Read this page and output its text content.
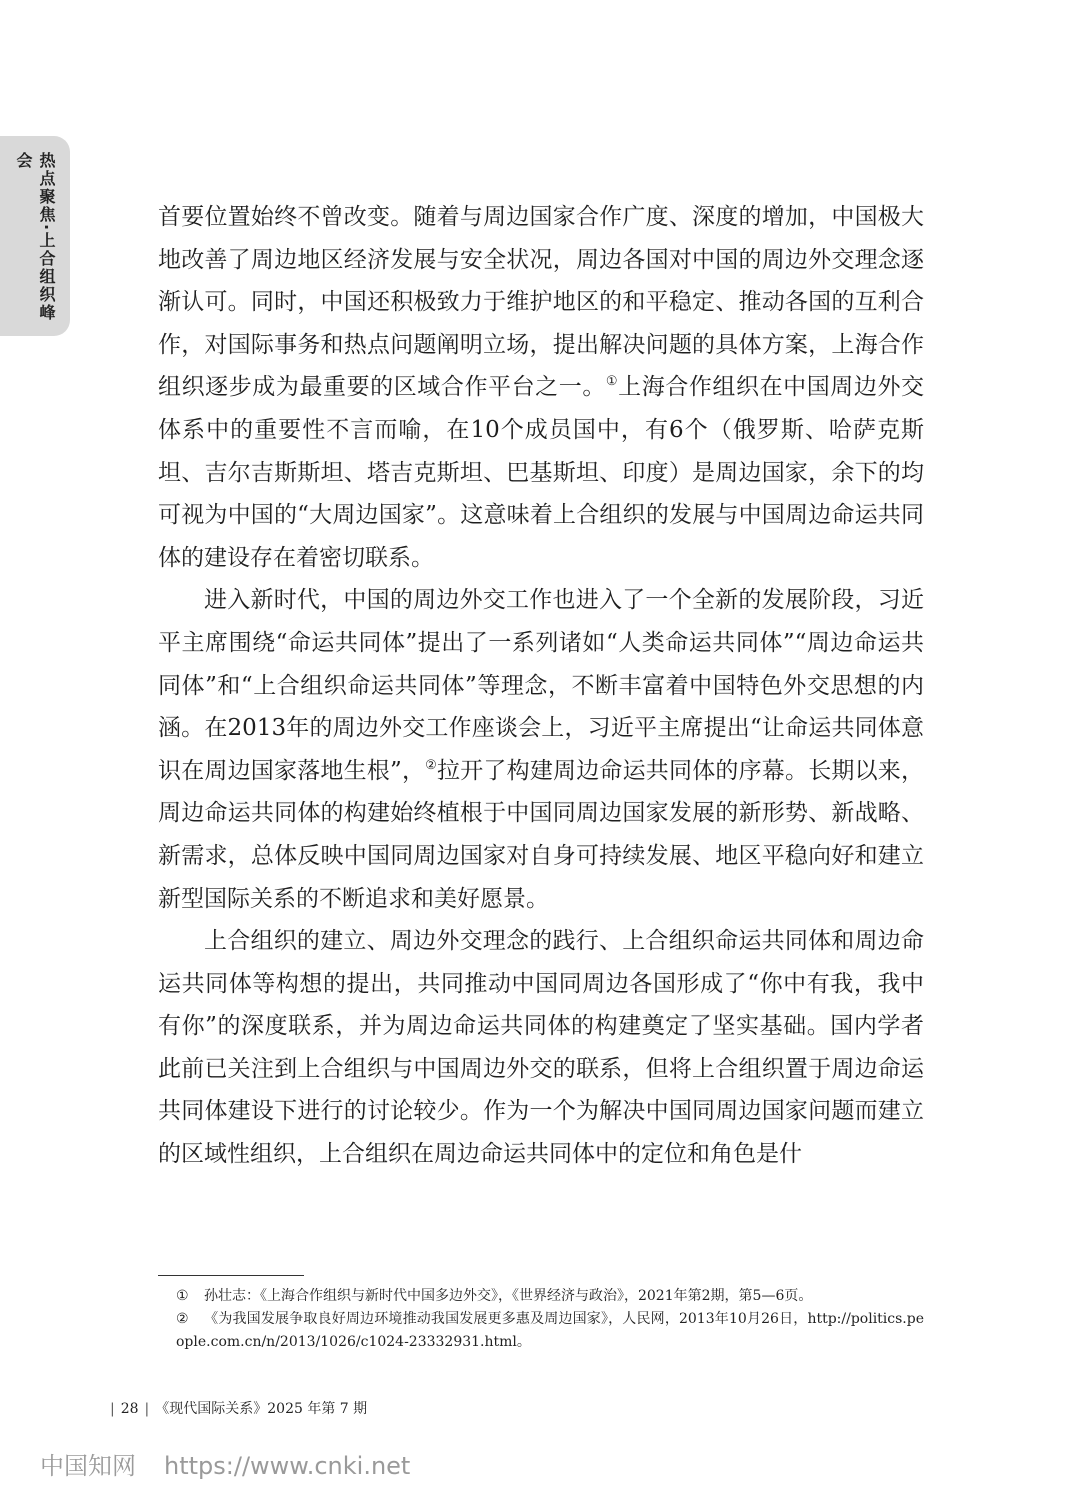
热点聚焦·上合组织峰会

首要位置始终不曾改变。随着与周边国家合作广度、深度的增加，中国极大地改善了周边地区经济发展与安全状况，周边各国对中国的周边外交理念逐渐认可。同时，中国还积极致力于维护地区的和平稳定、推动各国的互利合作，对国际事务和热点问题阐明立场，提出解决问题的具体方案，上海合作组织逐步成为最重要的区域合作平台之一。①上海合作组织在中国周边外交体系中的重要性不言而喻，在10个成员国中，有6个（俄罗斯、哈萨克斯坦、吉尔吉斯斯坦、塔吉克斯坦、巴基斯坦、印度）是周边国家，余下的均可视为中国的“大周边国家”。这意味着上合组织的发展与中国周边命运共同体的建设存在着密切联系。

进入新时代，中国的周边外交工作也进入了一个全新的发展阶段，习近平主席围绕“命运共同体”提出了一系列诸如“人类命运共同体”“周边命运共同体”和“上合组织命运共同体”等理念，不断丰富着中国特色外交思想的内涵。在2013年的周边外交工作座谈会上，习近平主席提出“让命运共同体意识在周边国家落地生根”，②拉开了构建周边命运共同体的序幕。长期以来，周边命运共同体的构建始终植根于中国同周边国家发展的新形势、新战略、新需求，总体反映中国同周边国家对自身可持续发展、地区平稳向好和建立新型国际关系的不断追求和美好愿景。

上合组织的建立、周边外交理念的践行、上合组织命运共同体和周边命运共同体等构想的提出，共同推动中国同周边各国形成了“你中有我，我中有你”的深度联系，并为周边命运共同体的构建奠定了坚实基础。国内学者此前已关注到上合组织与中国周边外交的联系，但将上合组织置于周边命运共同体建设下进行的讨论较少。作为一个为解决中国同周边国家问题而建立的区域性组织，上合组织在周边命运共同体中的定位和角色是什

① 孙壮志：《上海合作组织与新时代中国多边外交》，《世界经济与政治》，2021年第2期，第5—6页。

② 《为我国发展争取良好周边环境推动我国发展更多惠及周边国家》，人民网，2013年10月26日，http://politics.people.com.cn/n/2013/1026/c1024-23332931.html。

| 28 | 《现代国际关系》2025 年第 7 期
中国知网 https://www.cnki.net
